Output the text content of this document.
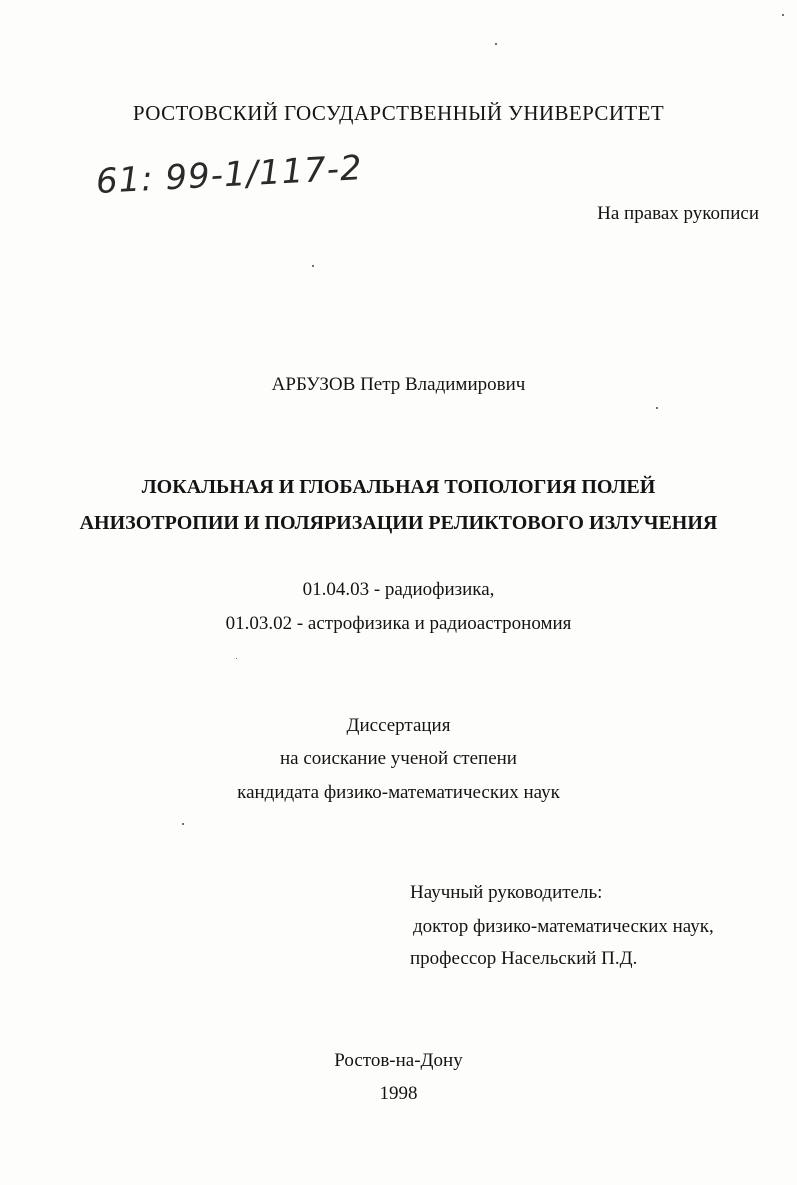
РОСТОВСКИЙ ГОСУДАРСТВЕННЫЙ УНИВЕРСИТЕТ
61: 99-1/117-2
На правах рукописи
АРБУЗОВ Петр Владимирович
ЛОКАЛЬНАЯ И ГЛОБАЛЬНАЯ ТОПОЛОГИЯ ПОЛЕЙ
АНИЗОТРОПИИ И ПОЛЯРИЗАЦИИ РЕЛИКТОВОГО ИЗЛУЧЕНИЯ
01.04.03 - радиофизика,
01.03.02 - астрофизика и радиоастрономия
Диссертация
на соискание ученой степени
кандидата физико-математических наук
Научный руководитель:
доктор физико-математических наук,
профессор Насельский П.Д.
Ростов-на-Дону
1998
